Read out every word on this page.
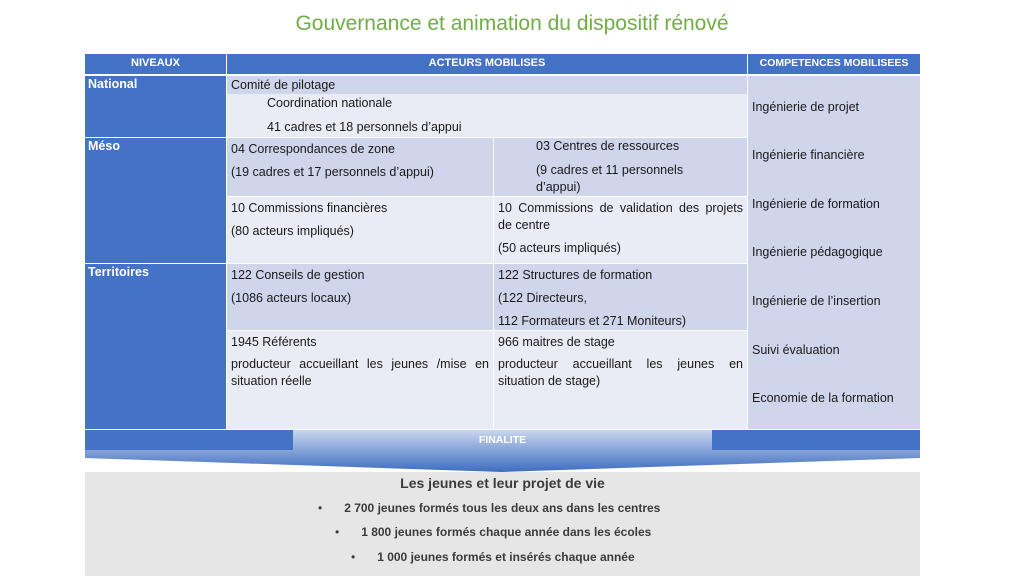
Gouvernance et animation du dispositif rénové
NIVEAUX	ACTEURS MOBILISES	COMPETENCES MOBILISEES
National
Méso
Territoires
Comité de pilotage
Coordination nationale
41 cadres et 18 personnels d’appui
04 Correspondances de zone
(19 cadres et 17 personnels d’appui)
03 Centres de ressources
(9 cadres et 11 personnels d’appui)
10 Commissions financières
(80 acteurs impliqués)
10 Commissions de validation des projets de centre
(50 acteurs impliqués)
122 Conseils de gestion
(1086 acteurs locaux)
122 Structures de formation
(122 Directeurs,
112 Formateurs et 271 Moniteurs)
1945 Référents
producteur accueillant les jeunes /mise en situation réelle
966 maitres de stage
producteur accueillant les jeunes en situation de stage)
Ingénierie de projet
Ingénierie financière
Ingénierie de formation
Ingénierie pédagogique
Ingénierie de l’insertion
Suivi évaluation
Economie de la formation
FINALITE
Les jeunes et leur projet de vie
• 2 700 jeunes formés tous les deux ans dans les centres
• 1 800 jeunes formés chaque année dans les écoles
• 1 000 jeunes formés et insérés chaque année
